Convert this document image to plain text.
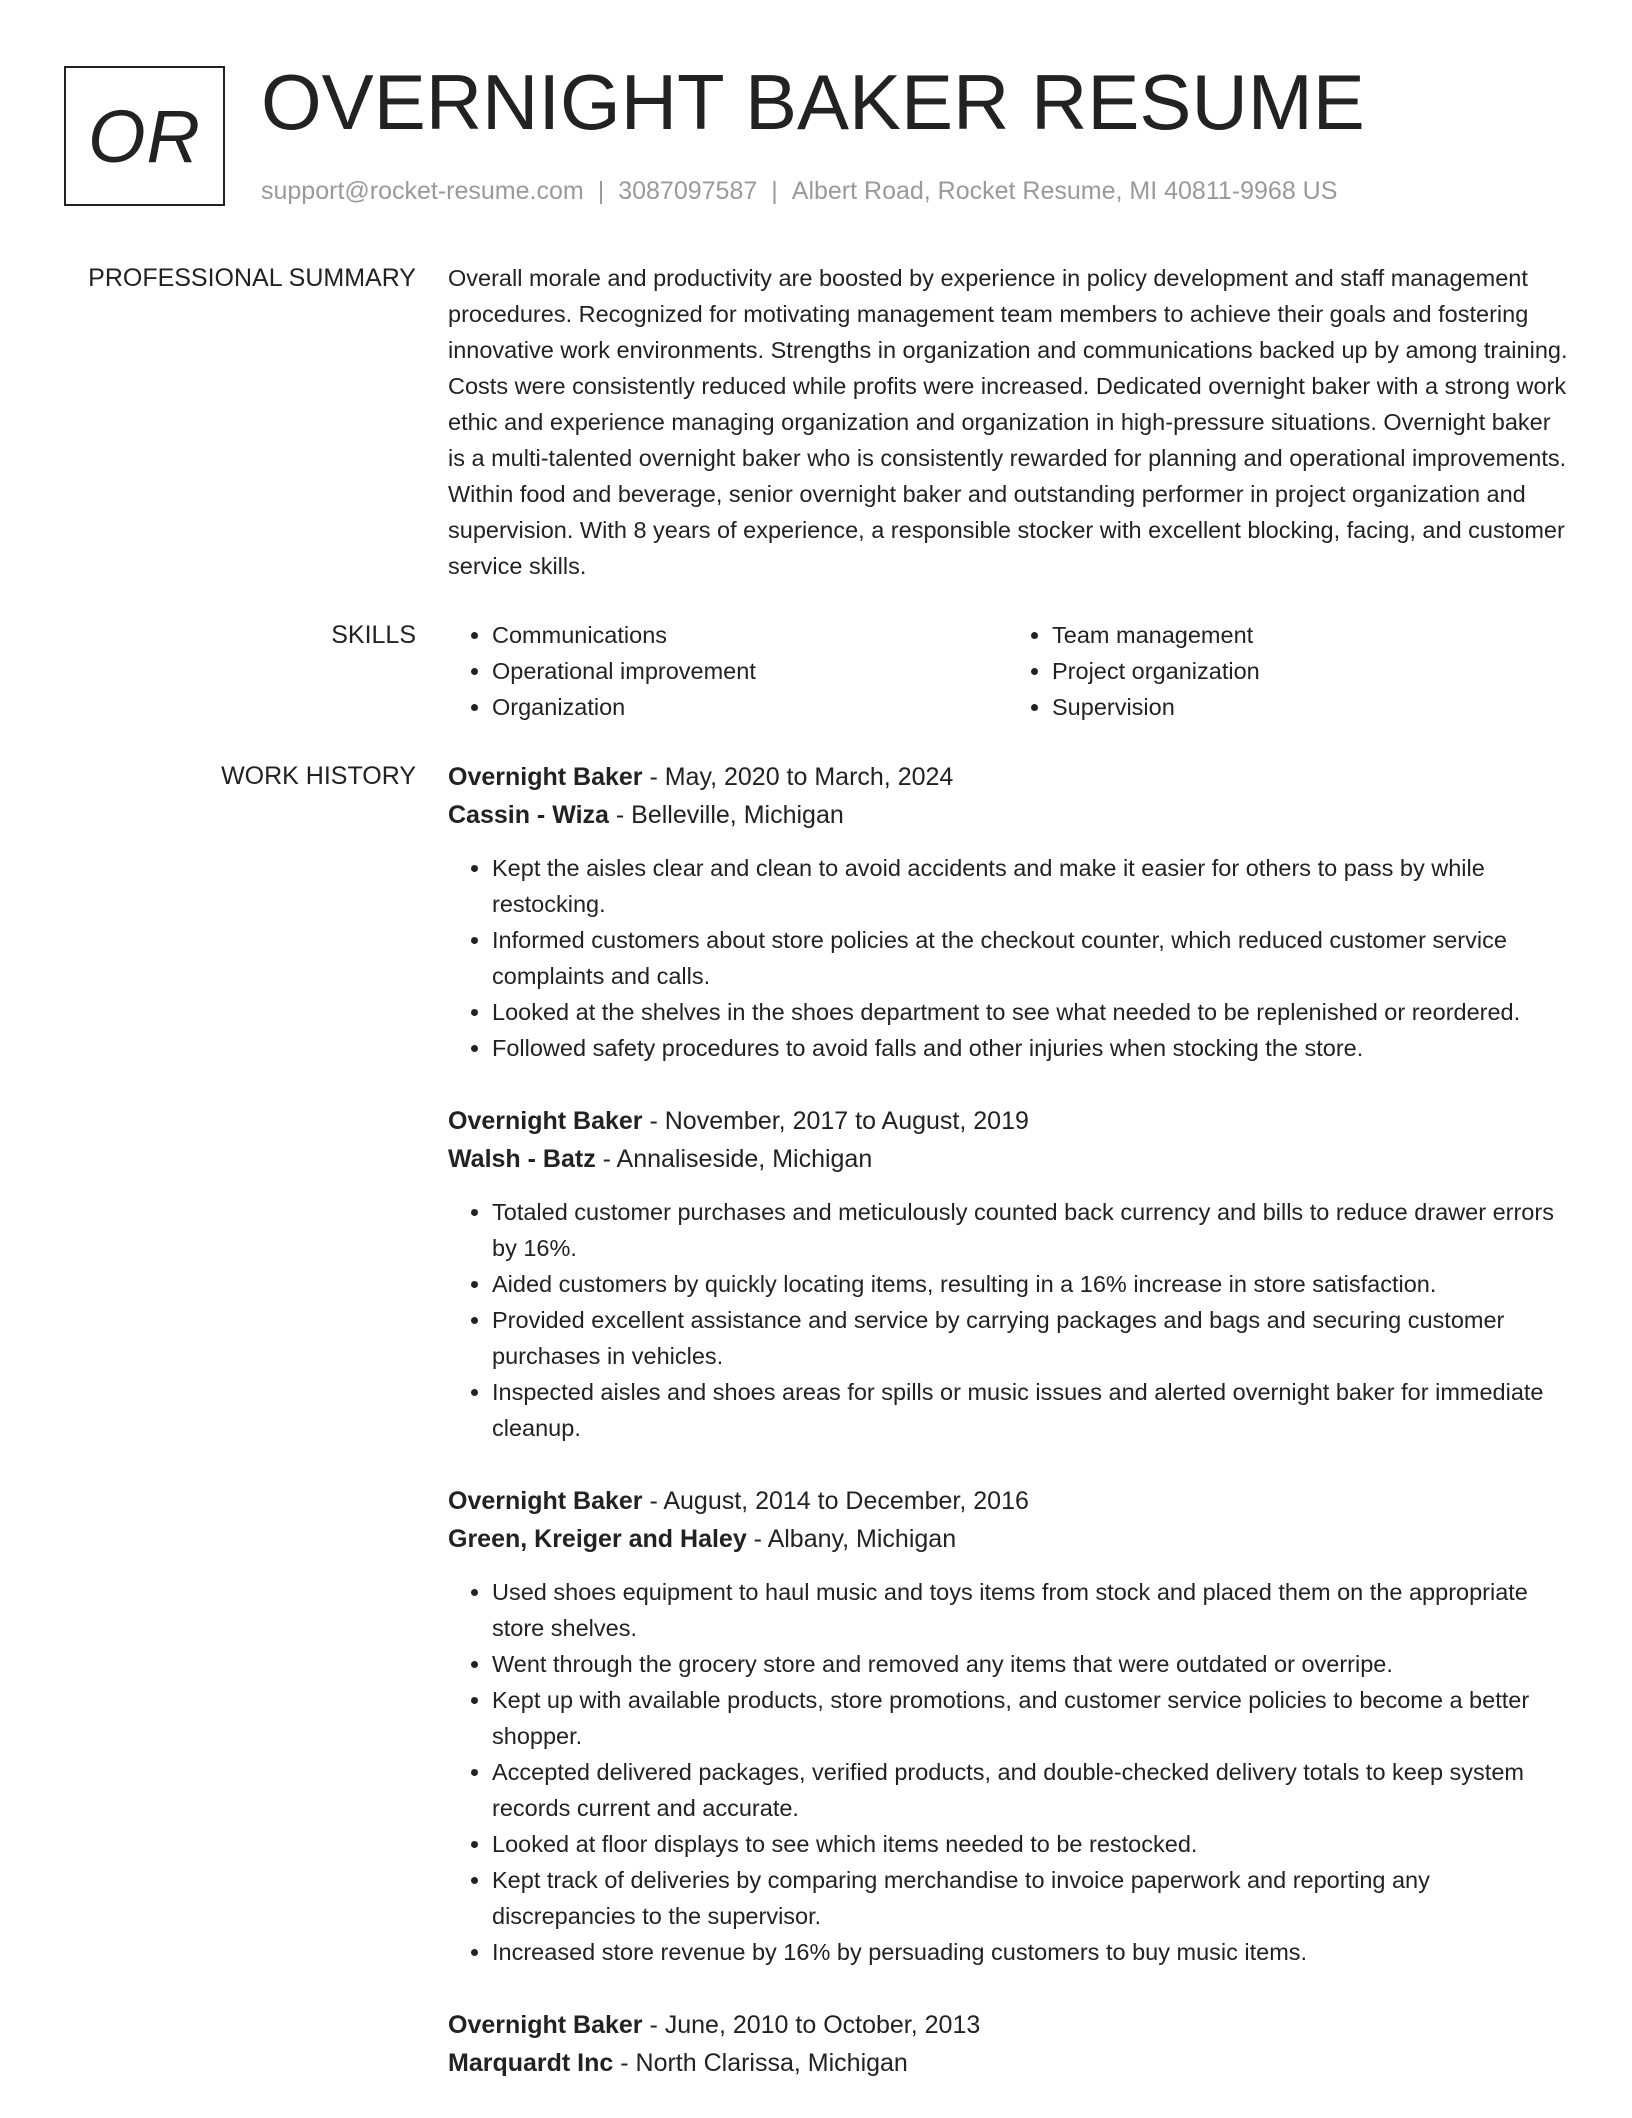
OR OVERNIGHT BAKER RESUME
support@rocket-resume.com | 3087097587 | Albert Road, Rocket Resume, MI 40811-9968 US
PROFESSIONAL SUMMARY Overall morale and productivity are boosted by experience in policy development and staff management procedures. Recognized for motivating management team members to achieve their goals and fostering innovative work environments. Strengths in organization and communications backed up by among training. Costs were consistently reduced while profits were increased. Dedicated overnight baker with a strong work ethic and experience managing organization and organization in high-pressure situations. Overnight baker is a multi-talented overnight baker who is consistently rewarded for planning and operational improvements. Within food and beverage, senior overnight baker and outstanding performer in project organization and supervision. With 8 years of experience, a responsible stocker with excellent blocking, facing, and customer service skills.

SKILLS
•	Communications
• Operational improvement
• Organization
• Team management
• Project organization
• Supervision
WORK HISTORY Overnight Baker - May, 2020 to March, 2024
Cassin - Wiza - Belleville, Michigan
• Kept the aisles clear and clean to avoid accidents and make it easier for others to pass by while restocking.
• Informed customers about store policies at the checkout counter, which reduced customer service complaints and calls.
• Looked at the shelves in the shoes department to see what needed to be replenished or reordered.
• Followed safety procedures to avoid falls and other injuries when stocking the store.
Overnight Baker - November, 2017 to August, 2019
Walsh - Batz - Annaliseside, Michigan
• Totaled customer purchases and meticulously counted back currency and bills to reduce drawer errors by 16%.
• Aided customers by quickly locating items, resulting in a 16% increase in store satisfaction.
• Provided excellent assistance and service by carrying packages and bags and securing customer purchases in vehicles.
• Inspected aisles and shoes areas for spills or music issues and alerted overnight baker for immediate cleanup.
Overnight Baker - August, 2014 to December, 2016
Green, Kreiger and Haley - Albany, Michigan
• Used shoes equipment to haul music and toys items from stock and placed them on the appropriate store shelves.
• Went through the grocery store and removed any items that were outdated or overripe.
• Kept up with available products, store promotions, and customer service policies to become a better shopper.
• Accepted delivered packages, verified products, and double-checked delivery totals to keep system records current and accurate.
• Looked at floor displays to see which items needed to be restocked.
• Kept track of deliveries by comparing merchandise to invoice paperwork and reporting any discrepancies to the supervisor.
• Increased store revenue by 16% by persuading customers to buy music items.
Overnight Baker - June, 2010 to October, 2013
Marquardt Inc - North Clarissa, Michigan
